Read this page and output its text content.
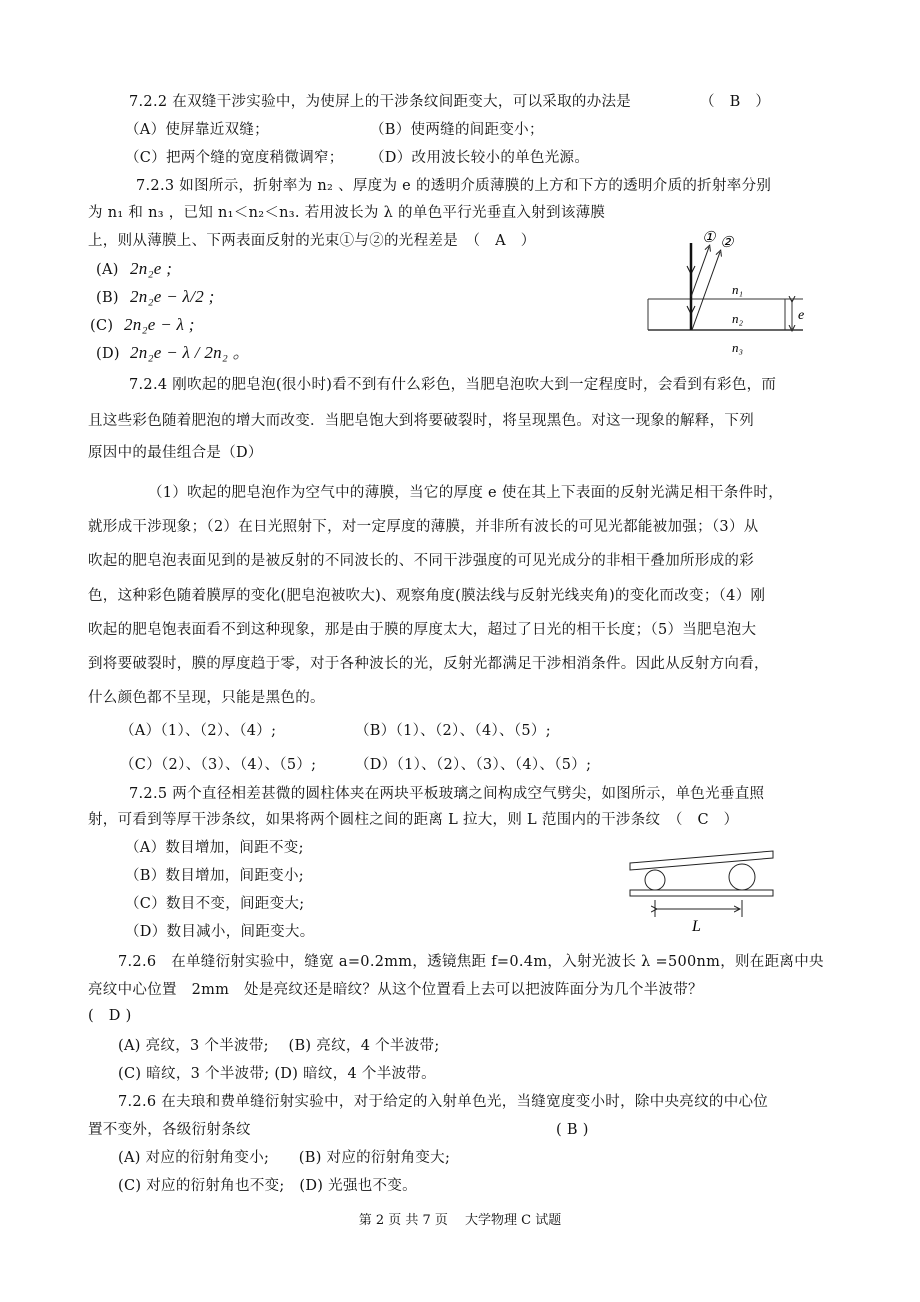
7.2.2 在双缝干涉实验中，为使屏上的干涉条纹间距变大，可以采取的办法是	（　B　）
（A）使屏靠近双缝；	（B）使两缝的间距变小；
（C）把两个缝的宽度稍微调窄； （D）改用波长较小的单色光源。
7.2.3 如图所示，折射率为 n₂ 、厚度为 e 的透明介质薄膜的上方和下方的透明介质的折射率分别
为 n₁ 和 n₃ ，已知 n₁＜n₂＜n₃. 若用波长为 λ 的单色平行光垂直入射到该薄膜
上，则从薄膜上、下两表面反射的光束①与②的光程差是　（　A　）
(A) 2n₂e ;
(B) 2n₂e − λ/2 ;
(C) 2n₂e − λ ;
(D) 2n₂e − λ / 2n₂ 。
① ②
n₁
n₂
n₃
e
7.2.4 刚吹起的肥皂泡(很小时)看不到有什么彩色，当肥皂泡吹大到一定程度时，会看到有彩色，而
且这些彩色随着肥泡的增大而改变．当肥皂饱大到将要破裂时，将呈现黑色。对这一现象的解释，下列
原因中的最佳组合是（D）
（1）吹起的肥皂泡作为空气中的薄膜，当它的厚度 e 使在其上下表面的反射光满足相干条件时，
就形成干涉现象；（2）在日光照射下，对一定厚度的薄膜，并非所有波长的可见光都能被加强；（3）从
吹起的肥皂泡表面见到的是被反射的不同波长的、不同干涉强度的可见光成分的非相干叠加所形成的彩
色，这种彩色随着膜厚的变化(肥皂泡被吹大)、观察角度(膜法线与反射光线夹角)的变化而改变；（4）刚
吹起的肥皂饱表面看不到这种现象，那是由于膜的厚度太大，超过了日光的相干长度；（5）当肥皂泡大
到将要破裂时，膜的厚度趋于零，对于各种波长的光，反射光都满足干涉相消条件。因此从反射方向看，
什么颜色都不呈现，只能是黑色的。
（A）（1）、（2）、（4）;	（B）（1）、（2）、（4）、（5）;
（C）（2）、（3）、（4）、（5）;	（D）（1）、（2）、（3）、（4）、（5）;
7.2.5 两个直径相差甚微的圆柱体夹在两块平板玻璃之间构成空气劈尖，如图所示，单色光垂直照
射，可看到等厚干涉条纹，如果将两个圆柱之间的距离 L 拉大，则 L 范围内的干涉条纹　（　C　）
（A）数目增加，间距不变;
（B）数目增加，间距变小;
（C）数目不变，间距变大;
（D）数目减小，间距变大。	L
7.2.6　在单缝衍射实验中，缝宽 a=0.2mm，透镜焦距 f=0.4m，入射光波长 λ =500nm，则在距离中央
亮纹中心位置　2mm　处是亮纹还是暗纹？从这个位置看上去可以把波阵面分为几个半波带？
(　D )
(A) 亮纹，3 个半波带;　 (B) 亮纹，4 个半波带;
(C) 暗纹，3 个半波带; (D) 暗纹，4 个半波带。
7.2.6 在夫琅和费单缝衍射实验中，对于给定的入射单色光，当缝宽度变小时，除中央亮纹的中心位
置不变外，各级衍射条纹	( B )
(A) 对应的衍射角变小;　　(B) 对应的衍射角变大;
(C) 对应的衍射角也不变;　(D) 光强也不变。
第 2 页 共 7 页　 大学物理 C 试题
